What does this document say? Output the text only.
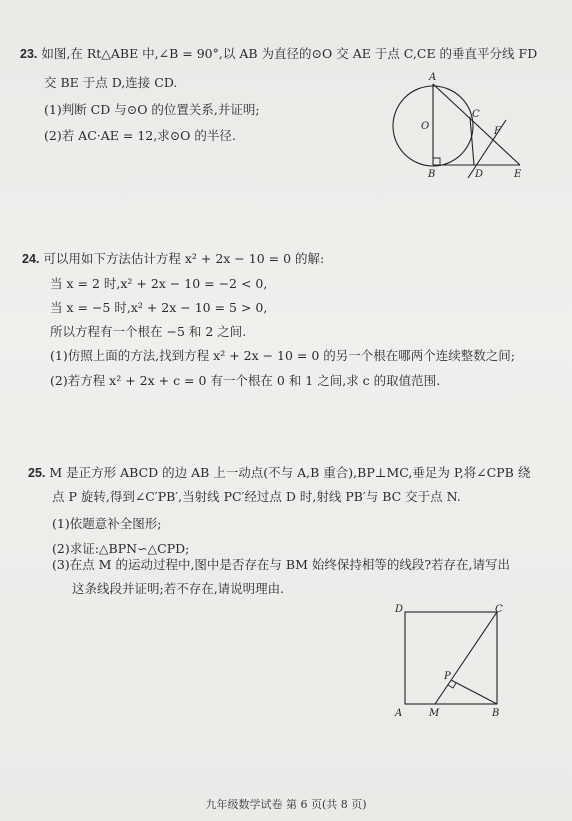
23. 如图,在 Rt△ABE 中,∠B = 90°,以 AB 为直径的⊙O 交 AE 于点 C,CE 的垂直平分线 FD
交 BE 于点 D,连接 CD.
(1)判断 CD 与⊙O 的位置关系,并证明;
(2)若 AC·AE = 12,求⊙O 的半径.
A
C
O	F
B	D	E
24. 可以用如下方法估计方程 x² + 2x − 10 = 0 的解:
当 x = 2 时,x² + 2x − 10 = −2 < 0,
当 x = −5 时,x² + 2x − 10 = 5 > 0,
所以方程有一个根在 −5 和 2 之间.
(1)仿照上面的方法,找到方程 x² + 2x − 10 = 0 的另一个根在哪两个连续整数之间;
(2)若方程 x² + 2x + c = 0 有一个根在 0 和 1 之间,求 c 的取值范围.
25. M 是正方形 ABCD 的边 AB 上一动点(不与 A,B 重合),BP⊥MC,垂足为 P,将∠CPB 绕
点 P 旋转,得到∠C′PB′,当射线 PC′经过点 D 时,射线 PB′与 BC 交于点 N.
(1)依题意补全图形;
(2)求证:△BPN∽△CPD;
(3)在点 M 的运动过程中,图中是否存在与 BM 始终保持相等的线段?若存在,请写出
这条线段并证明;若不存在,请说明理由.
D	C
P
A	M	B
九年级数学试卷 第 6 页(共 8 页)
